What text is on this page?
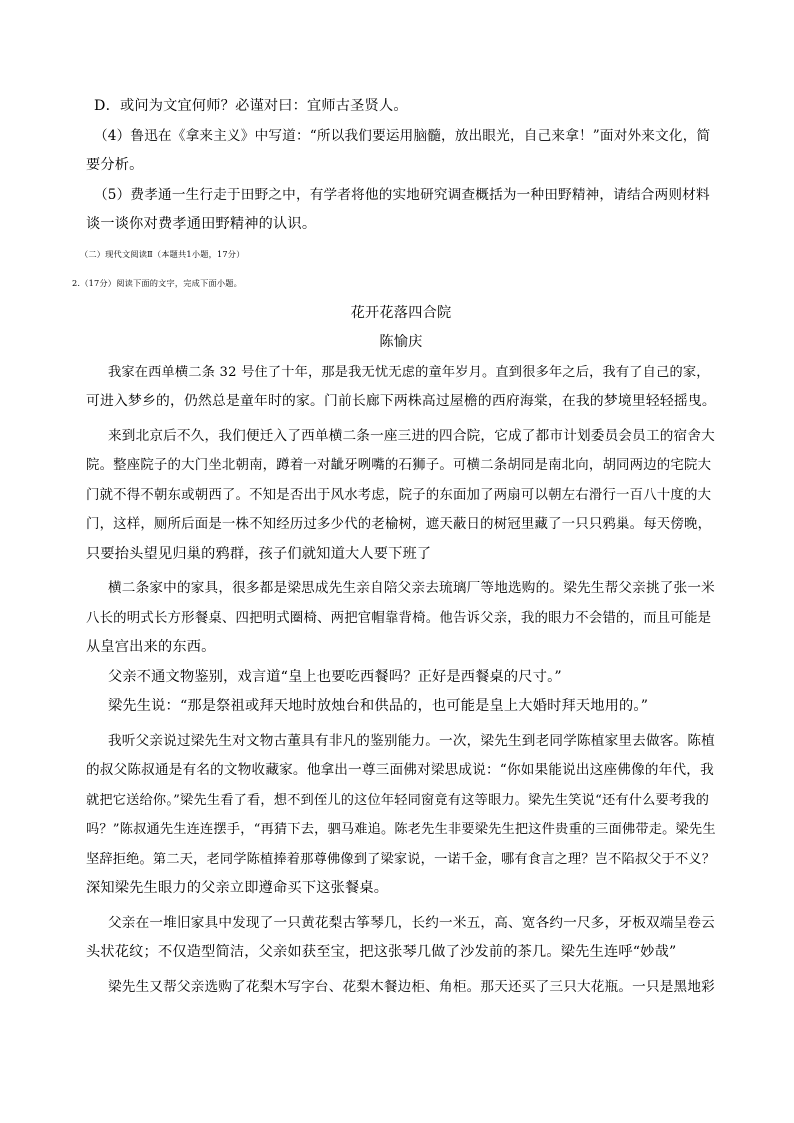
D．或问为文宜何师？必谨对曰：宜师古圣贤人。
（4）鲁迅在《拿来主义》中写道：“所以我们要运用脑髓，放出眼光，自己来拿！”面对外来文化，简
要分析。
（5）费孝通一生行走于田野之中，有学者将他的实地研究调查概括为一种田野精神，请结合两则材料
谈一谈你对费孝通田野精神的认识。
（二）现代文阅读Ⅱ（本题共1小题，17分）
2.（17分）阅读下面的文字，完成下面小题。
花开花落四合院
陈愉庆
我家在西单横二条 32 号住了十年，那是我无忧无虑的童年岁月。直到很多年之后，我有了自己的家，
可进入梦乡的，仍然总是童年时的家。门前长廊下两株高过屋檐的西府海棠，在我的梦境里轻轻摇曳。
来到北京后不久，我们便迁入了西单横二条一座三进的四合院，它成了都市计划委员会员工的宿舍大
院。整座院子的大门坐北朝南，蹲着一对龇牙咧嘴的石狮子。可横二条胡同是南北向，胡同两边的宅院大
门就不得不朝东或朝西了。不知是否出于风水考虑，院子的东面加了两扇可以朝左右滑行一百八十度的大
门，这样，厕所后面是一株不知经历过多少代的老榆树，遮天蔽日的树冠里藏了一只只鸦巢。每天傍晚，
只要抬头望见归巢的鸦群，孩子们就知道大人要下班了
横二条家中的家具，很多都是梁思成先生亲自陪父亲去琉璃厂等地选购的。梁先生帮父亲挑了张一米
八长的明式长方形餐桌、四把明式圈椅、两把官帽靠背椅。他告诉父亲，我的眼力不会错的，而且可能是
从皇宫出来的东西。
父亲不通文物鉴别，戏言道“皇上也要吃西餐吗？正好是西餐桌的尺寸。”
梁先生说：“那是祭祖或拜天地时放烛台和供品的，也可能是皇上大婚时拜天地用的。”
我听父亲说过梁先生对文物古董具有非凡的鉴别能力。一次，梁先生到老同学陈植家里去做客。陈植
的叔父陈叔通是有名的文物收藏家。他拿出一尊三面佛对梁思成说：“你如果能说出这座佛像的年代，我
就把它送给你。”梁先生看了看，想不到侄儿的这位年轻同窗竟有这等眼力。梁先生笑说“还有什么要考我的
吗？”陈叔通先生连连摆手，“再猜下去，驷马难追。陈老先生非要梁先生把这件贵重的三面佛带走。梁先生
坚辞拒绝。第二天，老同学陈植捧着那尊佛像到了梁家说，一诺千金，哪有食言之理？岂不陷叔父于不义？
深知梁先生眼力的父亲立即遵命买下这张餐桌。
父亲在一堆旧家具中发现了一只黄花梨古筝琴几，长约一米五，高、宽各约一尺多，牙板双端呈卷云
头状花纹；不仅造型简洁，父亲如获至宝，把这张琴几做了沙发前的茶几。梁先生连呼“妙哉”
梁先生又帮父亲选购了花梨木写字台、花梨木餐边柜、角柜。那天还买了三只大花瓶。一只是黑地彩
